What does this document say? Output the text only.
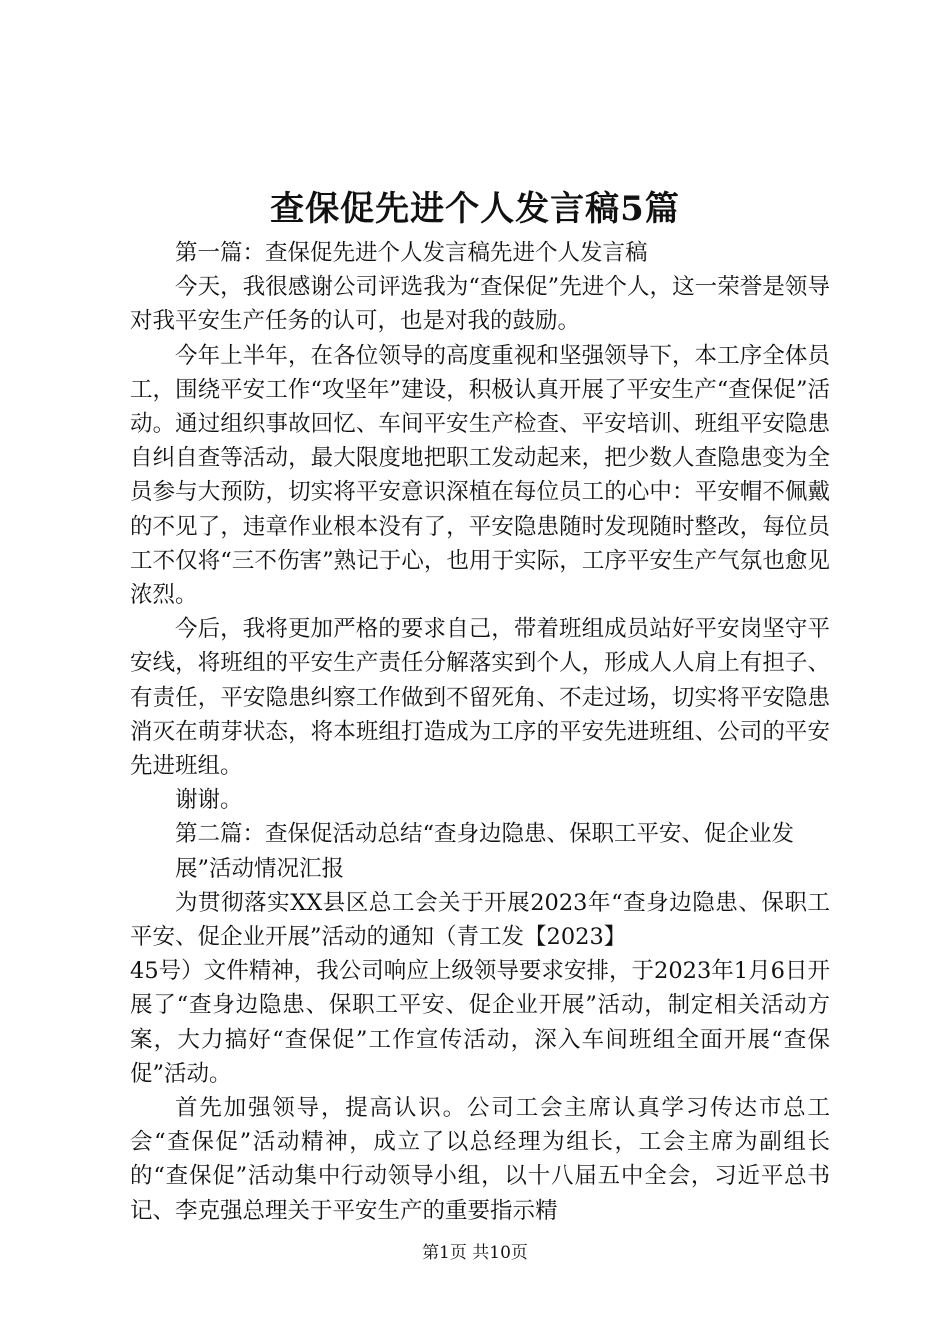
查保促先进个人发言稿5篇

第一篇：查保促先进个人发言稿先进个人发言稿

今天，我很感谢公司评选我为“查保促”先进个人，这一荣誉是领导对我平安生产任务的认可，也是对我的鼓励。

今年上半年，在各位领导的高度重视和坚强领导下，本工序全体员工，围绕平安工作“攻坚年”建设，积极认真开展了平安生产“查保促”活动。通过组织事故回忆、车间平安生产检查、平安培训、班组平安隐患自纠自查等活动，最大限度地把职工发动起来，把少数人查隐患变为全员参与大预防，切实将平安意识深植在每位员工的心中：平安帽不佩戴的不见了，违章作业根本没有了，平安隐患随时发现随时整改，每位员工不仅将“三不伤害”熟记于心，也用于实际，工序平安生产气氛也愈见浓烈。

今后，我将更加严格的要求自己，带着班组成员站好平安岗坚守平安线，将班组的平安生产责任分解落实到个人，形成人人肩上有担子、有责任，平安隐患纠察工作做到不留死角、不走过场，切实将平安隐患消灭在萌芽状态，将本班组打造成为工序的平安先进班组、公司的平安先进班组。

谢谢。

第二篇：查保促活动总结“查身边隐患、保职工平安、促企业发

展”活动情况汇报

为贯彻落实XX县区总工会关于开展2023年“查身边隐患、保职工平安、促企业开展”活动的通知（青工发【2023】

45号）文件精神，我公司响应上级领导要求安排，于2023年1月6日开展了“查身边隐患、保职工平安、促企业开展”活动，制定相关活动方案，大力搞好“查保促”工作宣传活动，深入车间班组全面开展“查保促”活动。

首先加强领导，提高认识。公司工会主席认真学习传达市总工会“查保促”活动精神，成立了以总经理为组长，工会主席为副组长的“查保促”活动集中行动领导小组，以十八届五中全会，习近平总书记、李克强总理关于平安生产的重要指示精

第1页 共10页
